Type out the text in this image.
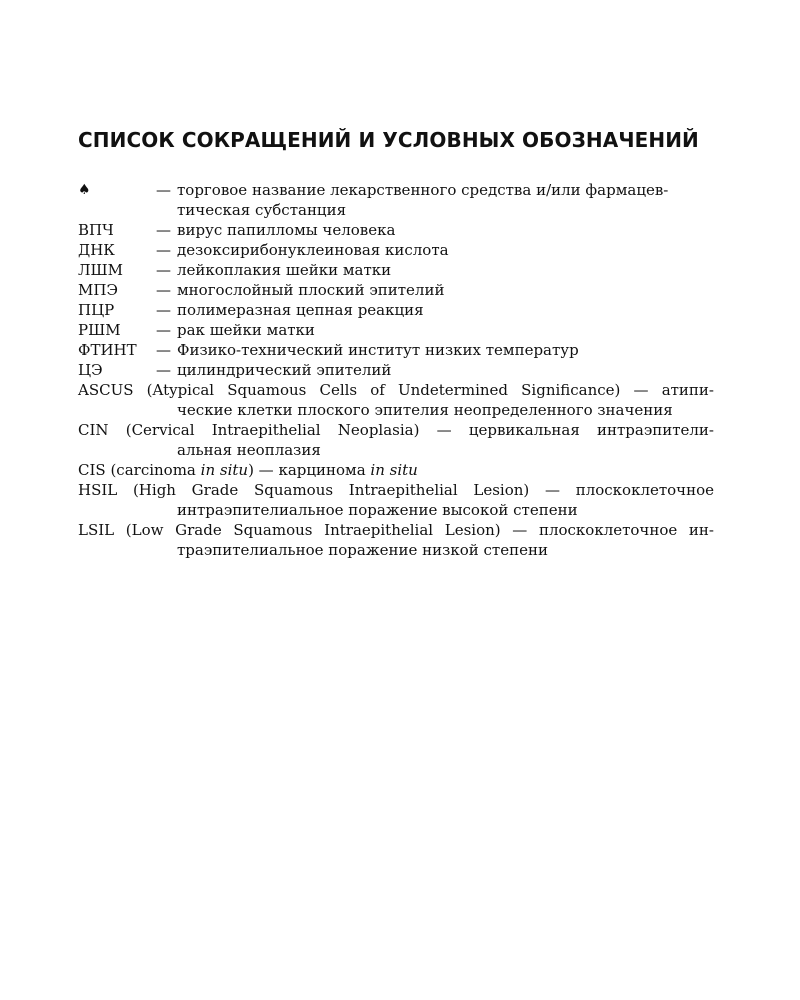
СПИСОК СОКРАЩЕНИЙ И УСЛОВНЫХ ОБОЗНАЧЕНИЙ
♠	— торговое название лекарственного средства и/или фармацев-
тическая субстанция
ВПЧ	— вирус папилломы человека
ДНК	— дезоксирибонуклеиновая кислота
ЛШМ	— лейкоплакия шейки матки
МПЭ	— многослойный плоский эпителий
ПЦР	— полимеразная цепная реакция
РШМ	— рак шейки матки
ФТИНТ	— Физико-технический институт низких температур
ЦЭ	— цилиндрический эпителий
ASCUS (Atypical Squamous Cells of Undetermined Significance) — атипи-
ческие клетки плоского эпителия неопределенного значения
CIN (Cervical Intraepithelial Neoplasia) — цервикальная интраэпители-
альная неоплазия
CIS (carcinoma in situ) — карцинома in situ
HSIL (High Grade Squamous Intraepithelial Lesion) — плоскоклеточное
интраэпителиальное поражение высокой степени
LSIL (Low Grade Squamous Intraepithelial Lesion) — плоскоклеточное ин-
траэпителиальное поражение низкой степени
